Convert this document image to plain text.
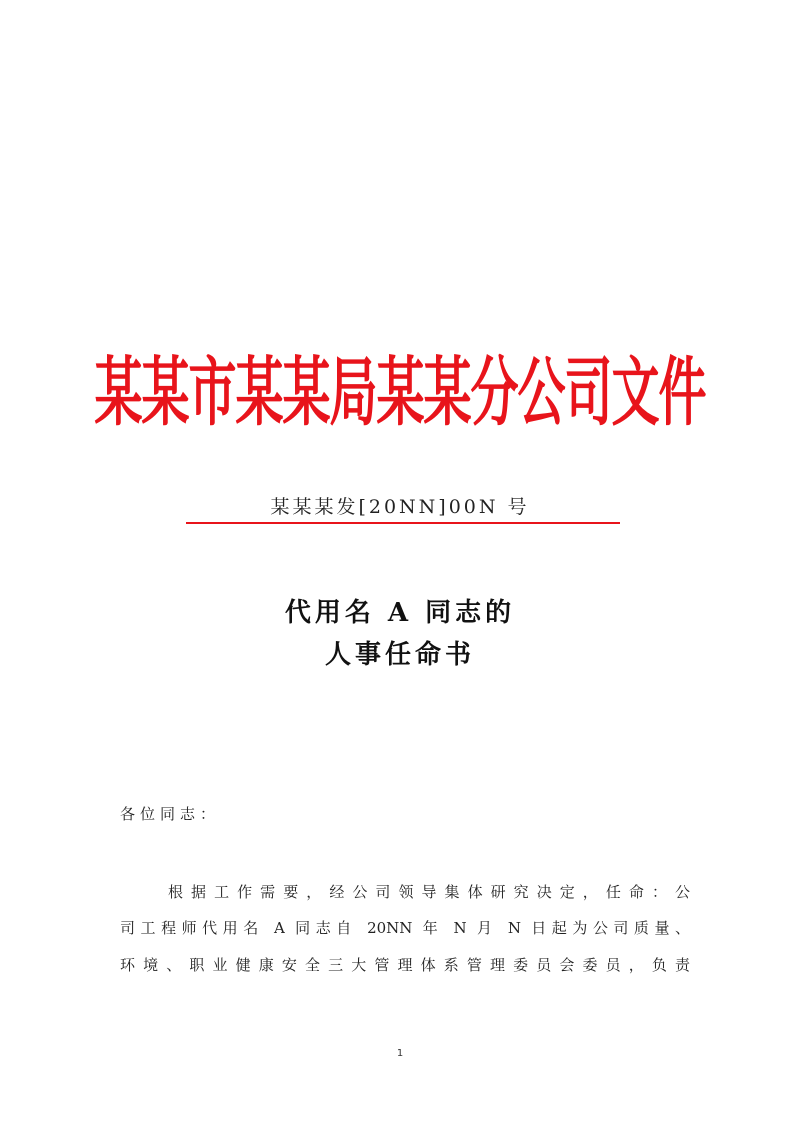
某某市某某局某某分公司文件
某某某发[20NN]00N 号
代用名 A 同志的
人事任命书
各位同志：
根据工作需要，经公司领导集体研究决定，任命：公
司工程师代用名 A 同志自 20NN 年 N 月 N 日起为公司质量、
环境、职业健康安全三大管理体系管理委员会委员，负责
1
